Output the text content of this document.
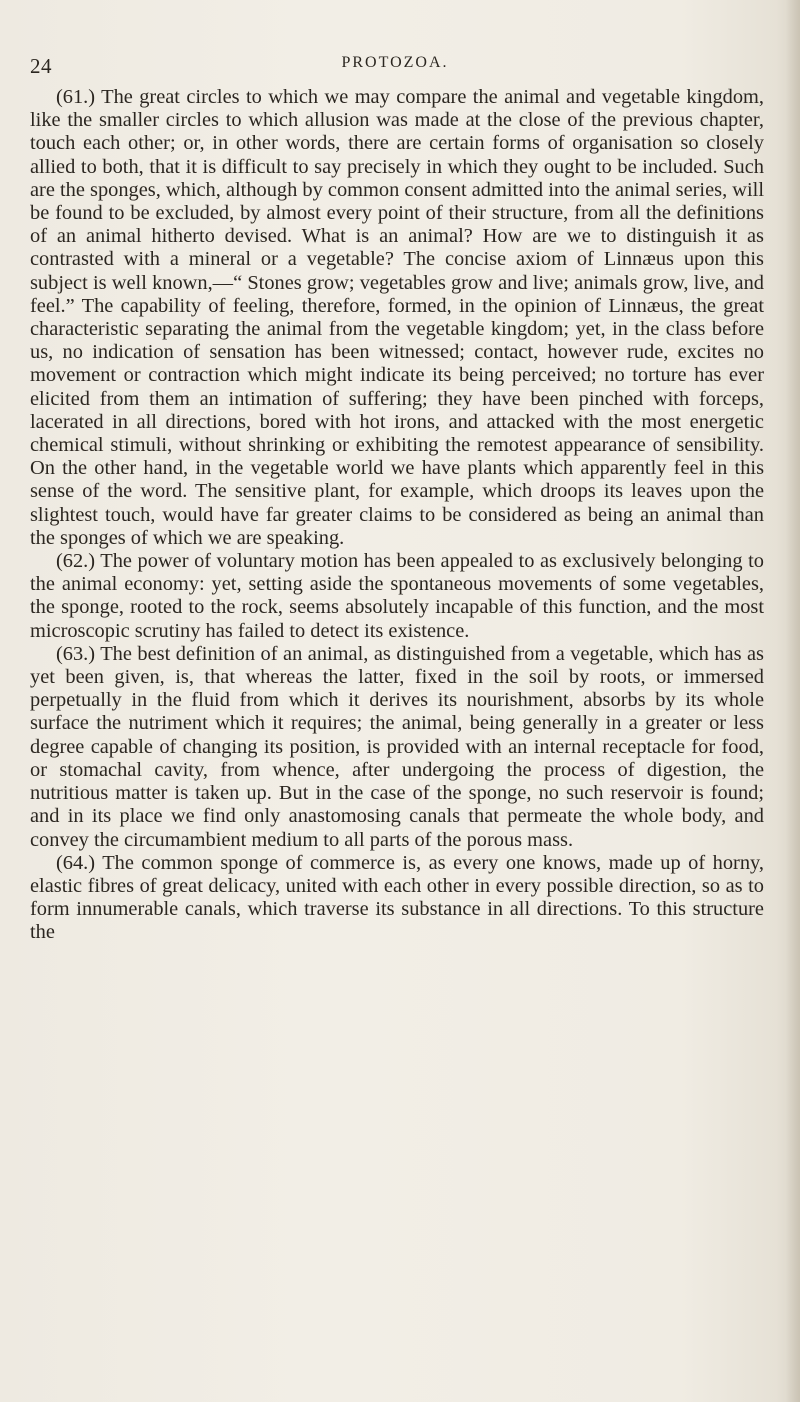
24	PROTOZOA.

(61.) The great circles to which we may compare the animal and vegetable kingdom, like the smaller circles to which allusion was made at the close of the previous chapter, touch each other; or, in other words, there are certain forms of organisation so closely allied to both, that it is difficult to say precisely in which they ought to be included. Such are the sponges, which, although by common consent admitted into the animal series, will be found to be excluded, by almost every point of their structure, from all the definitions of an animal hitherto devised. What is an animal? How are we to distinguish it as contrasted with a mineral or a vegetable? The concise axiom of Linnæus upon this subject is well known,—“ Stones grow; vegetables grow and live; animals grow, live, and feel.” The capability of feeling, therefore, formed, in the opinion of Linnæus, the great characteristic separating the animal from the vegetable kingdom; yet, in the class before us, no indication of sensation has been witnessed; contact, however rude, excites no movement or contraction which might indicate its being perceived; no torture has ever elicited from them an intimation of suffering; they have been pinched with forceps, lacerated in all directions, bored with hot irons, and attacked with the most energetic chemical stimuli, without shrinking or exhibiting the remotest appearance of sensibility. On the other hand, in the vegetable world we have plants which apparently feel in this sense of the word. The sensitive plant, for example, which droops its leaves upon the slightest touch, would have far greater claims to be considered as being an animal than the sponges of which we are speaking.

(62.) The power of voluntary motion has been appealed to as exclusively belonging to the animal economy: yet, setting aside the spontaneous movements of some vegetables, the sponge, rooted to the rock, seems absolutely incapable of this function, and the most microscopic scrutiny has failed to detect its existence.

(63.) The best definition of an animal, as distinguished from a vegetable, which has as yet been given, is, that whereas the latter, fixed in the soil by roots, or immersed perpetually in the fluid from which it derives its nourishment, absorbs by its whole surface the nutriment which it requires; the animal, being generally in a greater or less degree capable of changing its position, is provided with an internal receptacle for food, or stomachal cavity, from whence, after undergoing the process of digestion, the nutritious matter is taken up. But in the case of the sponge, no such reservoir is found; and in its place we find only anastomosing canals that permeate the whole body, and convey the circumambient medium to all parts of the porous mass.

(64.) The common sponge of commerce is, as every one knows, made up of horny, elastic fibres of great delicacy, united with each other in every possible direction, so as to form innumerable canals, which traverse its substance in all directions. To this structure the
